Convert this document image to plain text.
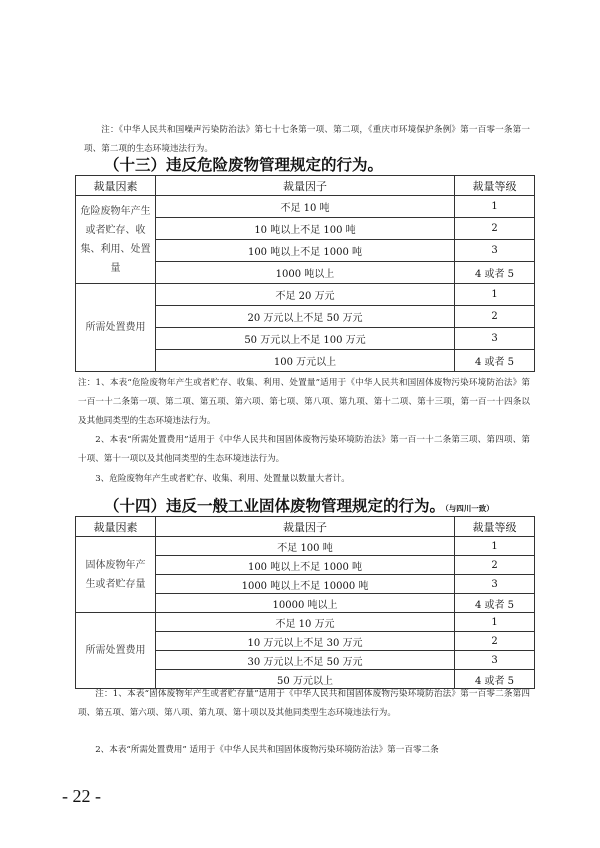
注：《中华人民共和国噪声污染防治法》第七十七条第一项、第二项，《重庆市环境保护条例》第一百零一条第一项、第二项的生态环境违法行为。
（十三）违反危险废物管理规定的行为。
裁量因素	裁量因子	裁量等级

危险废物年产生或者贮存、收集、利用、处置量	不足 10 吨	1
	10 吨以上不足 100 吨	2
	100 吨以上不足 1000 吨	3
	1000 吨以上	4 或者 5

所需处置费用	不足 20 万元	1
	20 万元以上不足 50 万元	2
	50 万元以上不足 100 万元	3
	100 万元以上	4 或者 5
注：1、本表“危险废物年产生或者贮存、收集、利用、处置量”适用于《中华人民共和国固体废物污染环境防治法》第一百一十二条第一项、第二项、第五项、第六项、第七项、第八项、第九项、第十二项、第十三项，第一百一十四条以及其他同类型的生态环境违法行为。
2、本表“所需处置费用”适用于《中华人民共和国固体废物污染环境防治法》第一百一十二条第三项、第四项、第十项、第十一项以及其他同类型的生态环境违法行为。
3、危险废物年产生或者贮存、收集、利用、处置量以数量大者计。
（十四）违反一般工业固体废物管理规定的行为。（与四川一致）
裁量因素	裁量因子	裁量等级

固体废物年产生或者贮存量	不足 100 吨	1
	100 吨以上不足 1000 吨	2
	1000 吨以上不足 10000 吨	3
	10000 吨以上	4 或者 5

所需处置费用	不足 10 万元	1
	10 万元以上不足 30 万元	2
	30 万元以上不足 50 万元	3
	50 万元以上	4 或者 5
注：1、本表“固体废物年产生或者贮存量”适用于《中华人民共和国固体废物污染环境防治法》第一百零二条第四项、第五项、第六项、第八项、第九项、第十项以及其他同类型生态环境违法行为。
2、本表“所需处置费用” 适用于《中华人民共和国固体废物污染环境防治法》第一百零二条
- 22 -
